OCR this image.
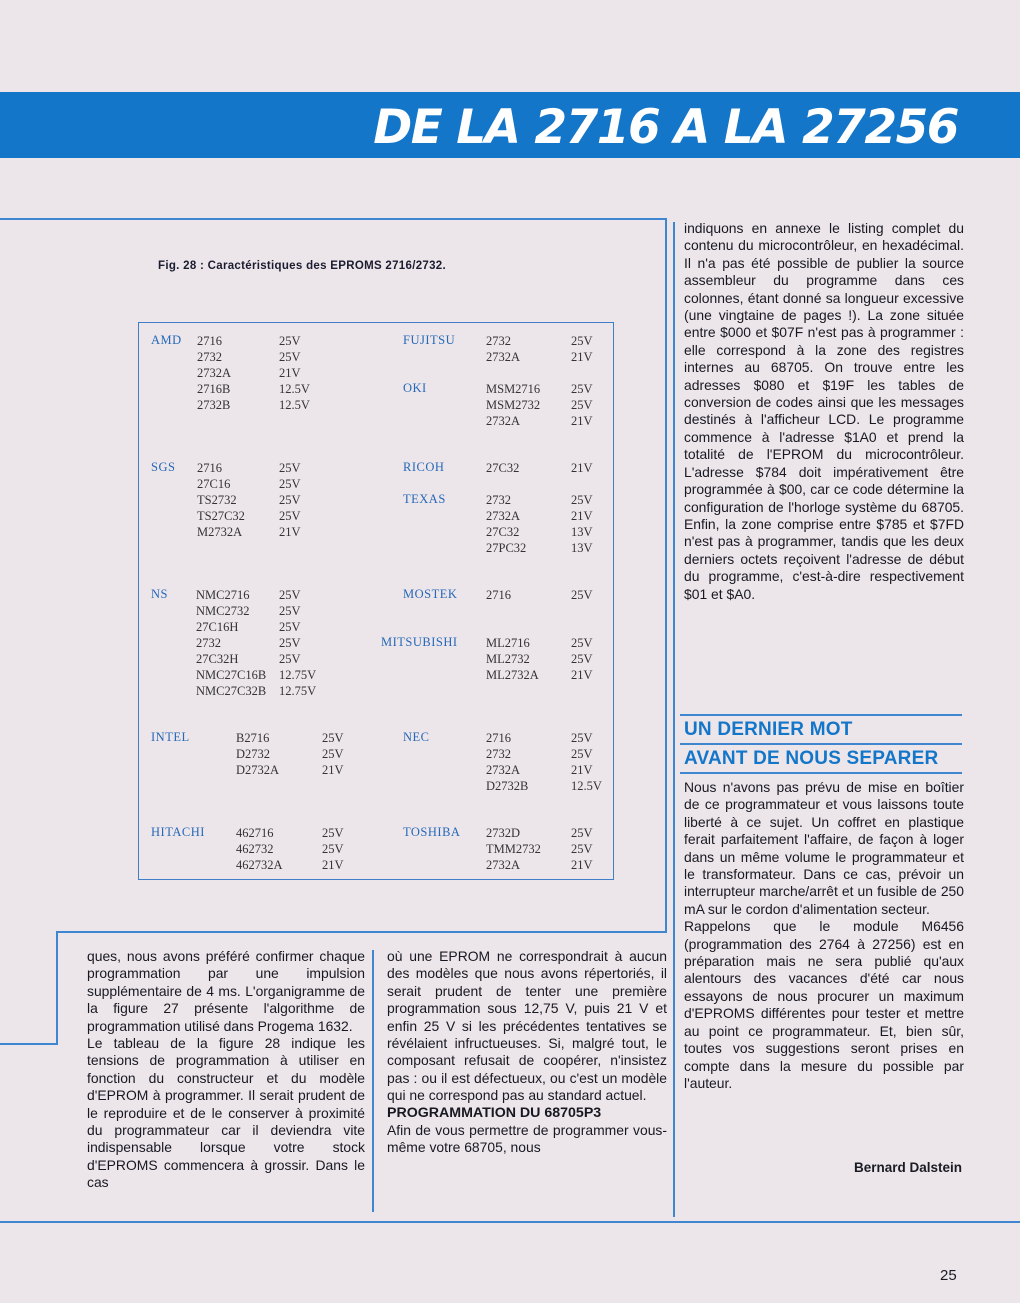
DE LA 2716 A LA 27256
Fig. 28 : Caractéristiques des EPROMS 2716/2732.
AMD 2716	25V
2732	25V
2732A	21V
2716B	12.5V
2732B	12.5V
SGS 2716	25V
27C16	25V
TS2732	25V
TS27C32	25V
M2732A	21V
NS NMC2716 25V
NMC2732 25V
27C16H	25V
2732	25V
27C32H	25V
NMC27C16B 12.75V
NMC27C32B 12.75V
INTEL	B2716	25V
D2732	25V
D2732A	21V
HITACHI 462716	25V
462732	25V
462732A	21V
FUJITSU 2732	25V
2732A	21V
OKI	MSM2716 25V
MSM2732 25V
2732A	21V
RICOH	27C32	21V
TEXAS	2732	25V
2732A	21V
27C32	13V
27PC32	13V
MOSTEK 2716	25V
MITSUBISHI ML2716	25V
ML2732	25V
ML2732A	21V
NEC	2716	25V
2732	25V
2732A	21V
D2732B	12.5V
TOSHIBA 2732D	25V
TMM2732 25V
2732A	21V

indiquons en annexe le listing complet du contenu du microcontrôleur, en hexadécimal. Il n'a pas été possible de publier la source assembleur du programme dans ces colonnes, étant donné sa longueur excessive (une vingtaine de pages !). La zone située entre $000 et $07F n'est pas à programmer : elle correspond à la zone des registres internes au 68705. On trouve entre les adresses $080 et $19F les tables de conversion de codes ainsi que les messages destinés à l'afficheur LCD. Le programme commence à l'adresse $1A0 et prend la totalité de l'EPROM du microcontrôleur. L'adresse $784 doit impérativement être programmée à $00, car ce code détermine la configuration de l'horloge système du 68705. Enfin, la zone comprise entre $785 et $7FD n'est pas à programmer, tandis que les deux derniers octets reçoivent l'adresse de début du programme, c'est-à-dire respectivement $01 et $A0.

UN DERNIER MOT
AVANT DE NOUS SEPARER

Nous n'avons pas prévu de mise en boîtier de ce programmateur et vous laissons toute liberté à ce sujet. Un coffret en plastique ferait parfaitement l'affaire, de façon à loger dans un même volume le programmateur et le transformateur. Dans ce cas, prévoir un interrupteur marche/arrêt et un fusible de 250 mA sur le cordon d'alimentation secteur.

Rappelons que le module M6456 (programmation des 2764 à 27256) est en préparation mais ne sera publié qu'aux alentours des vacances d'été car nous essayons de nous procurer un maximum d'EPROMS différentes pour tester et mettre au point ce programmateur. Et, bien sûr, toutes vos suggestions seront prises en compte dans la mesure du possible par l'auteur.

Bernard Dalstein

ques, nous avons préféré confirmer chaque programmation par une impulsion supplémentaire de 4 ms. L'organigramme de la figure 27 présente l'algorithme de programmation utilisé dans Progema 1632.

Le tableau de la figure 28 indique les tensions de programmation à utiliser en fonction du constructeur et du modèle d'EPROM à programmer. Il serait prudent de le reproduire et de le conserver à proximité du programmateur car il deviendra vite indispensable lorsque votre stock d'EPROMS commencera à grossir. Dans le cas

où une EPROM ne correspondrait à aucun des modèles que nous avons répertoriés, il serait prudent de tenter une première programmation sous 12,75 V, puis 21 V et enfin 25 V si les précédentes tentatives se révélaient infructueuses. Si, malgré tout, le composant refusait de coopérer, n'insistez pas : ou il est défectueux, ou c'est un modèle qui ne correspond pas au standard actuel.

PROGRAMMATION DU 68705P3

Afin de vous permettre de programmer vous-même votre 68705, nous

25
